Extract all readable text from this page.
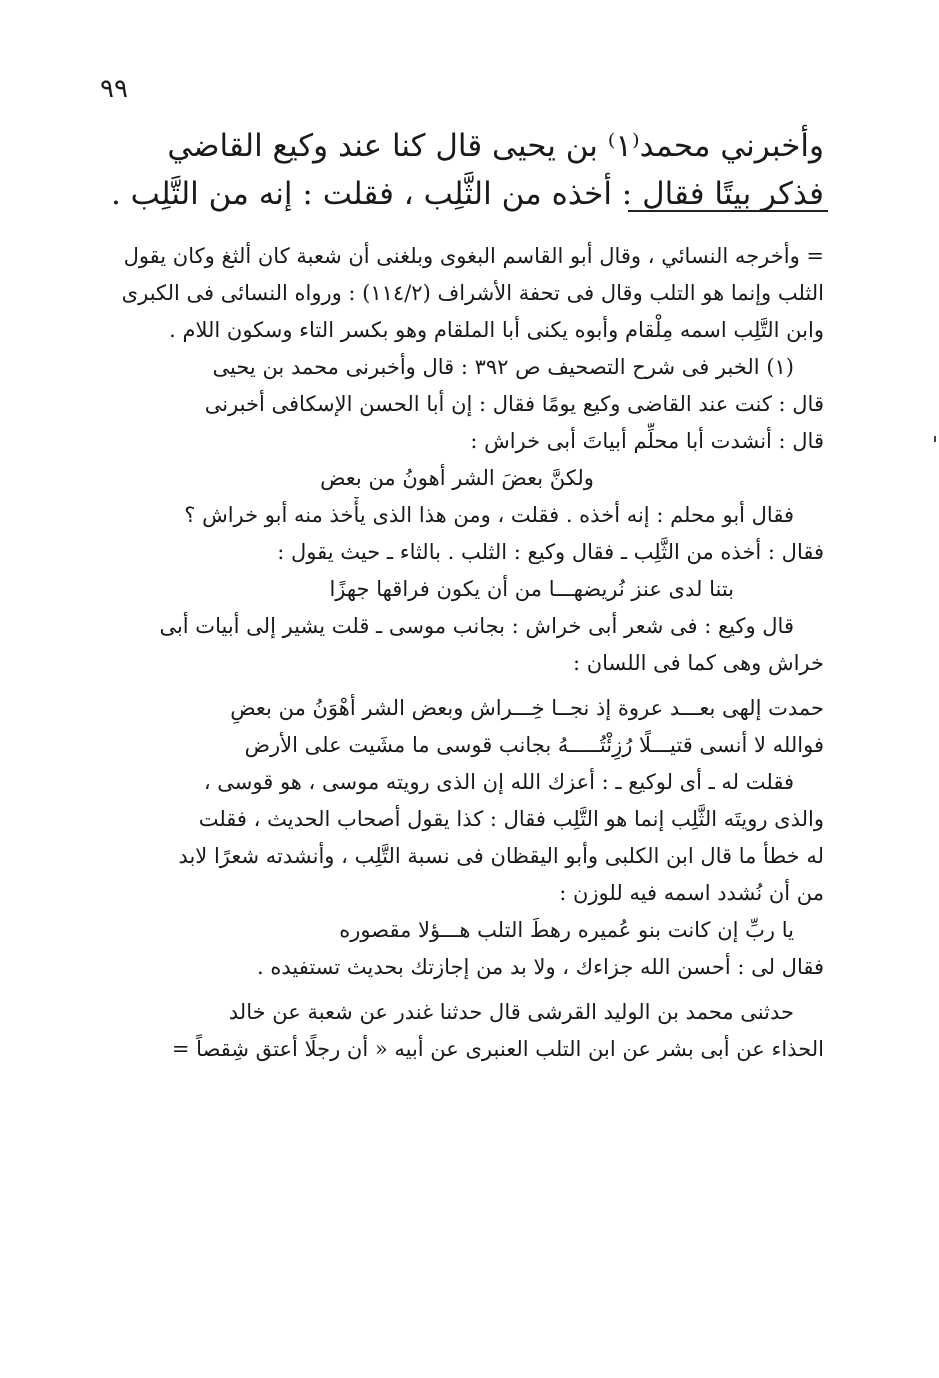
٩٩
وأخبرني محمد⁽١⁾ بن يحيى قال كنا عند وكيع القاضي
فذكر بيتًا فقال : أخذه من الثَّلِب ، فقلت : إنه من التَّلِب .
= وأخرجه النسائي ، وقال أبو القاسم البغوى وبلغنى أن شعبة كان ألثغ وكان يقول
الثلب وإنما هو التلب وقال فى تحفة الأشراف (١١٤/٢) : ورواه النسائى فى الكبرى
وابن التَّلِب اسمه مِلْقام وأبوه يكنى أبا الملقام وهو بكسر التاء وسكون اللام .
(١) الخبر فى شرح التصحيف ص ٣٩٢ : قال وأخبرنى محمد بن يحيى
قال : كنت عند القاضى وكيع يومًا فقال : إن أبا الحسن الإسكافى أخبرنى
قال : أنشدت أبا محلِّم أبياتَ أبى خراش :
ولكنَّ بعضَ الشر أهونُ من بعض
فقال أبو محلم : إنه أخذه . فقلت ، ومن هذا الذى يأْخذ منه أبو خراش ؟
فقال : أخذه من الثَّلِب ـ فقال وكيع : الثلب . بالثاء ـ حيث يقول :
بتنا لدى عنز نُريضهـــا من أن يكون فراقها جهزًا
قال وكيع : فى شعر أبى خراش : بجانب موسى ـ قلت يشير إلى أبيات أبى
خراش وهى كما فى اللسان :
حمدت إلهى بعـــد عروة إذ نجــا خِـــراش وبعض الشر أهْوَنُ من بعضِ
فوالله لا أنسى قتيـــلًا رُزِئْتُـــــهُ بجانب قوسى ما مشَيت على الأرض
فقلت له ـ أى لوكيع ـ : أعزك الله إن الذى رويته موسى ، هو قوسى ،
والذى رويتَه الثَّلِب إنما هو التَّلِب فقال : كذا يقول أصحاب الحديث ، فقلت
له خطأ ما قال ابن الكلبى وأبو اليقظان فى نسبة التَّلِب ، وأنشدته شعرًا لابد
من أن نُشدد اسمه فيه للوزن :
يا ربِّ إن كانت بنو عُميره رهطَ التلب هـــؤلا مقصوره
فقال لى : أحسن الله جزاءك ، ولا بد من إجازتك بحديث تستفيده .
حدثنى محمد بن الوليد القرشى قال حدثنا غندر عن شعبة عن خالد
الحذاء عن أبى بشر عن ابن التلب العنبرى عن أبيه « أن رجلًا أعتق شِقصاً =
